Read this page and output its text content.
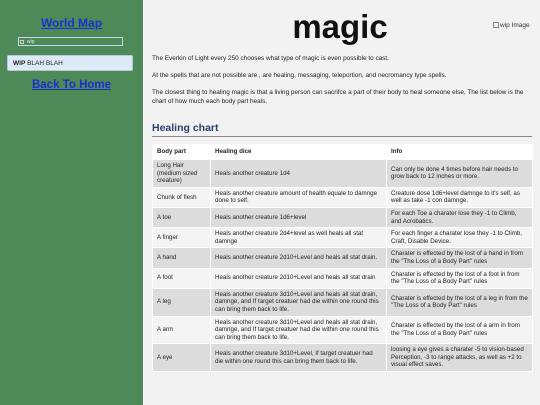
World Map
wip
WIP BLAH BLAH
Back To Home
magic	wip Image
The Everkin of Light every 250 chooses what type of magic is even possible to cast.
At the spells that are not possible are , are healing, messaging, teleportion, and necromancy type spells.
The closest thing to healing magic is that a living person can sacrifce a part of their body to heal someone else, The list below is the chart of how much each body part heals.
Healing chart
Body part	Healing dice	Info
Long Hair (medium sized creature)	Heals another creature 1d4	Can only be done 4 times before hair needs to grow back to 12 inches or more.
Chunk of flesh	Heals another creature amount of health equale to damnge done to self.	Creature dose 1d6+level damnge to it's self, as well as take -1 con damnge.
A toe	Heals another creature 1d6+level	For each Toe a charater lose they -1 to Climb, and Acrobatics.
A finger	Heals another creature 2d4+level as well heals all stat damnge	For each finger a charater lose they -1 to Climb, Craft, Disable Device.
A hand	Heals another creature 2d10+Level and heals all stat drain.	Charater is effected by the lost of a hand in from the "The Loss of a Body Part" rules
A foot	Heals another creature 2d10+Level and heals all stat drain	Charater is effected by the lost of a foot in from the "The Loss of a Body Part" rules
A leg	Heals another creature 3d10+Level and heals all stat drain, damnge, and If target creatuer had die within one round this can bring them back to life.	Charater is effected by the lost of a leg in from the "The Loss of a Body Part" rules
A arm	Heals another creature 3d10+Level and heals all stat drain, damnge, and If target creatuer had die within one round this can bring them back to life.	Charater is effected by the lost of a arm in from the "The Loss of a Body Part" rules
A eye	Heals another creature 3d10+Level, If target creatuer had die within one round this can bring them back to life.	loosing a eye gives a charater -5 to vision-based Perception, -3 to range attacks, as well as +2 to visual effect saves.
